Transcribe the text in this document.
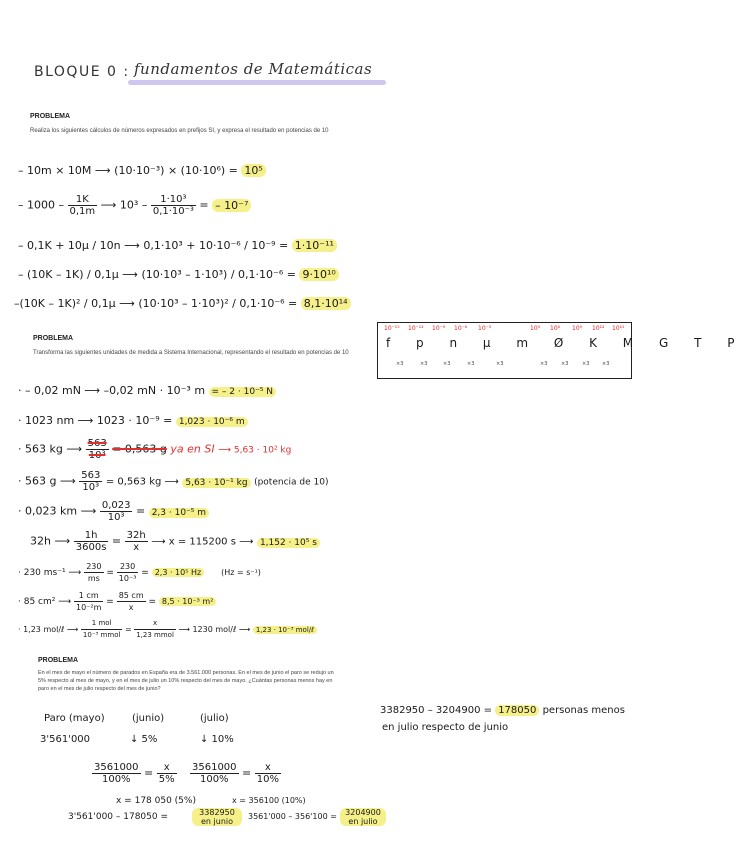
BLOQUE 0 : fundamentos de Matemáticas
PROBLEMA
Realiza los siguientes cálculos de números expresados en prefijos SI, y expresa el resultado en potencias de 10
– 10m × 10M ⟶ (10·10⁻³) × (10·10⁶) = 10⁵
– $1000 - \frac{1K}{0,1m}$ ⟶ $10^3 - \frac{\text{1·10³}}{\text{0,1·10⁻³}}$ = – 10⁻⁷
– 0,1K + 10μ / 10n ⟶ 0,1·10³ + 10·10⁻⁶ / 10⁻⁹ = 1·10⁻¹¹
– (10K – 1K) / 0,1μ ⟶ (10·10³ – 1·10³) / 0,1·10⁻⁶ = 9·10¹⁰
–(10K – 1K)² / 0,1μ ⟶ (10·10³ – 1·10³)² / 0,1·10⁻⁶ = 8,1·10¹⁴
10⁻¹⁵ 10⁻¹² 10⁻⁹ 10⁻⁶ 10⁻³	10³ 10⁶ 10⁹ 10¹² 10¹⁵
f p n μ m Ø K M G T P
×3	×3	×3	×3	×3	×3	×3	×3	×3
PROBLEMA
Transforma las siguientes unidades de medida a Sistema Internacional, representando el resultado en potencias de 10
· – 0,02 mN ⟶ –0,02 mN · 10⁻³ m = – 2 · 10⁻⁵ N
· 1023 nm ⟶ 1023 · 10⁻⁹ = 1,023 · 10⁻⁶ m
· 563 kg ⟶ $\frac{563}{\text{10³}} = 0,563$ g ya en SI ⟶ 5,63 · 10² kg
· 563 g ⟶ $\frac{563}{\text{10³}} = 0,563$ kg ⟶ 5,63 · 10⁻¹ kg (potencia de 10)
· 0,023 km ⟶ $\frac{0,023}{\text{10³}} = 2,3 \cdot 10^{-5}$ m
32h ⟶ $\frac{1h}{3600s} = \frac{32h}{x}$ ⟶ x = 115200 s ⟶ 1,152 · 10⁵ s
· 230 ms⁻¹ ⟶ $\frac{230}{ms} = \frac{230}{\text{10⁻³}} = 2,3 \cdot 10^5$ Hz (Hz = s⁻¹)
· 85 cm² ⟶ $\frac{1 cm}{\text{10⁻²m}} = \frac{85 cm}{x} = 8,5 \cdot 10^{-3}$ m²
· 1,23 mol/ℓ ⟶ $\frac{\text{1 mol}}{\text{10⁻³ mmol}} = \frac{x}{\text{1,23 mmol}}$ ⟶ 1230 mol/ℓ ⟶ 1,23 · 10⁻³ mol/ℓ
PROBLEMA
En el mes de mayo el número de parados en España era de 3.561.000 personas. En el mes de junio el paro se redujo un 5% respecto al mes de mayo, y en el mes de julio un 10% respecto del mes de mayo. ¿Cuántas personas menos hay en paro en el mes de julio respecto del mes de junio?
Paro (mayo)	(junio)	(julio)
3'561'000	↓ 5%	↓ 10%
$\frac{3561000}{100\%} = \frac{x}{5\%} \frac{3561000}{100\%} = \frac{x}{10\%}$
x = 178 050 (5%)	x = 356100 (10%)
3'561'000 – 178050 =	3382950
en junio
3561'000 – 356'100 =	3204900
en julio
3382950 – 3204900 = 178050 personas menos
en julio respecto de junio
